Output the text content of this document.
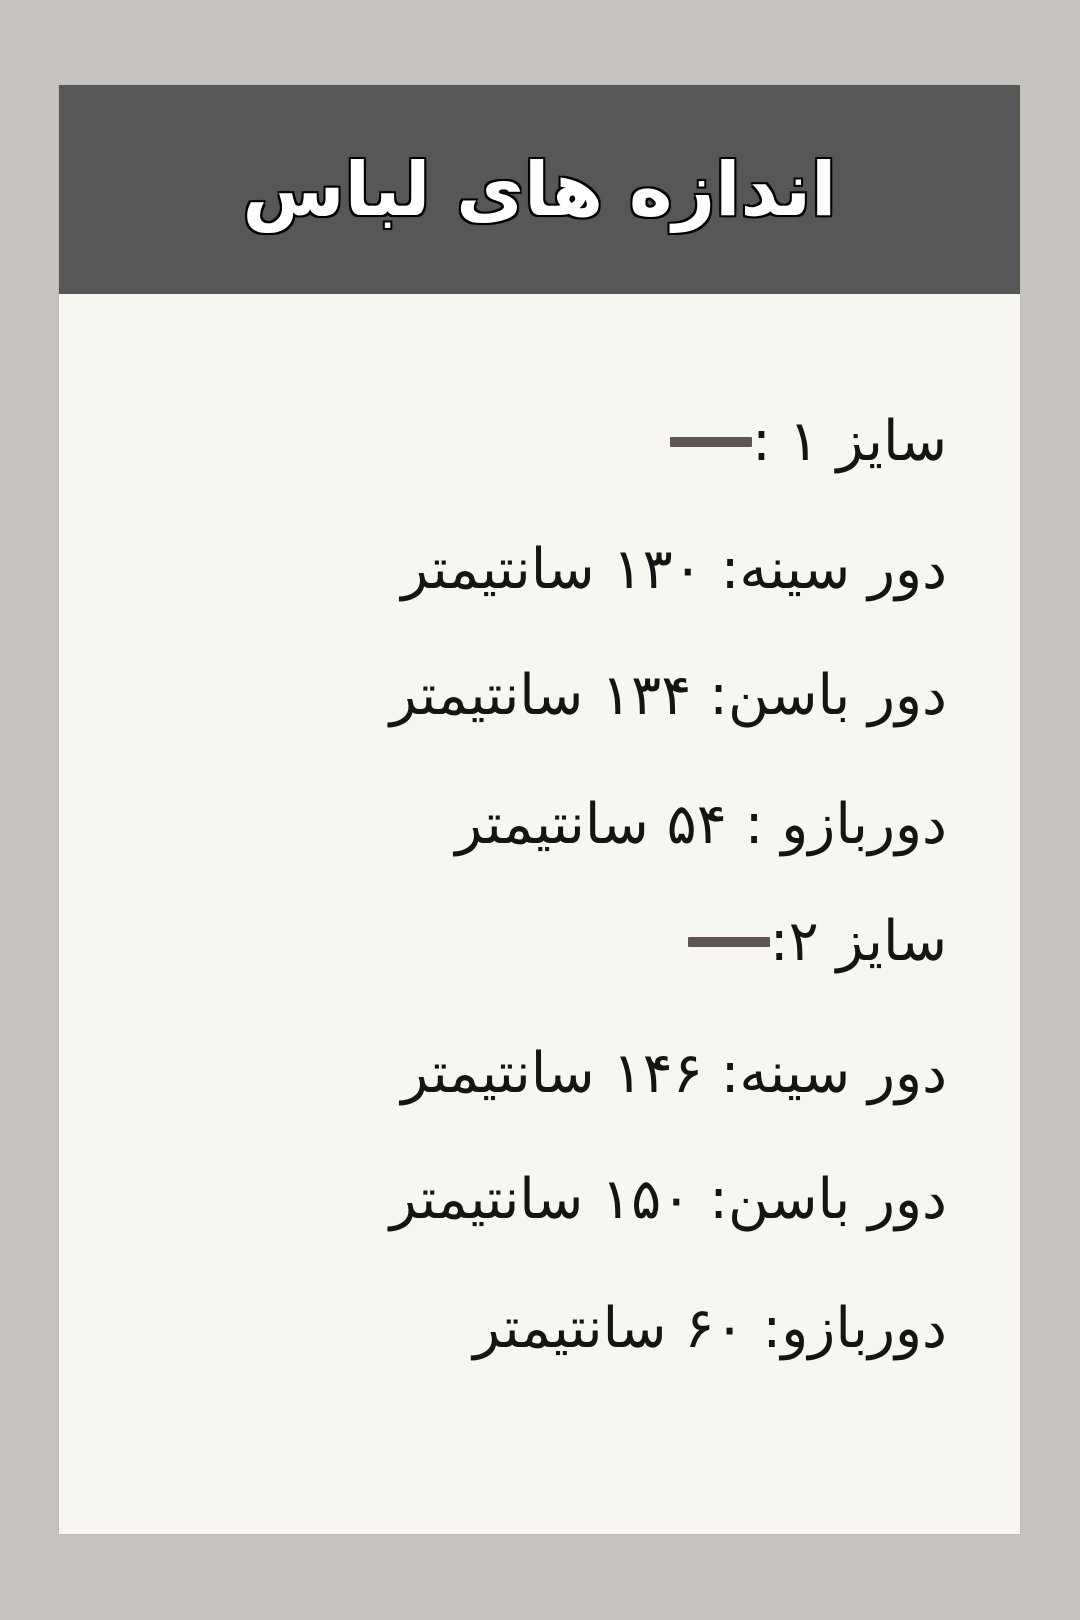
اندازه های لباس
سایز ۱ :
دور سینه: ۱۳۰ سانتیمتر
دور باسن: ۱۳۴ سانتیمتر
دوربازو : ۵۴ سانتیمتر
سایز ۲:
دور سینه: ۱۴۶ سانتیمتر
دور باسن: ۱۵۰ سانتیمتر
دوربازو: ۶۰ سانتیمتر
